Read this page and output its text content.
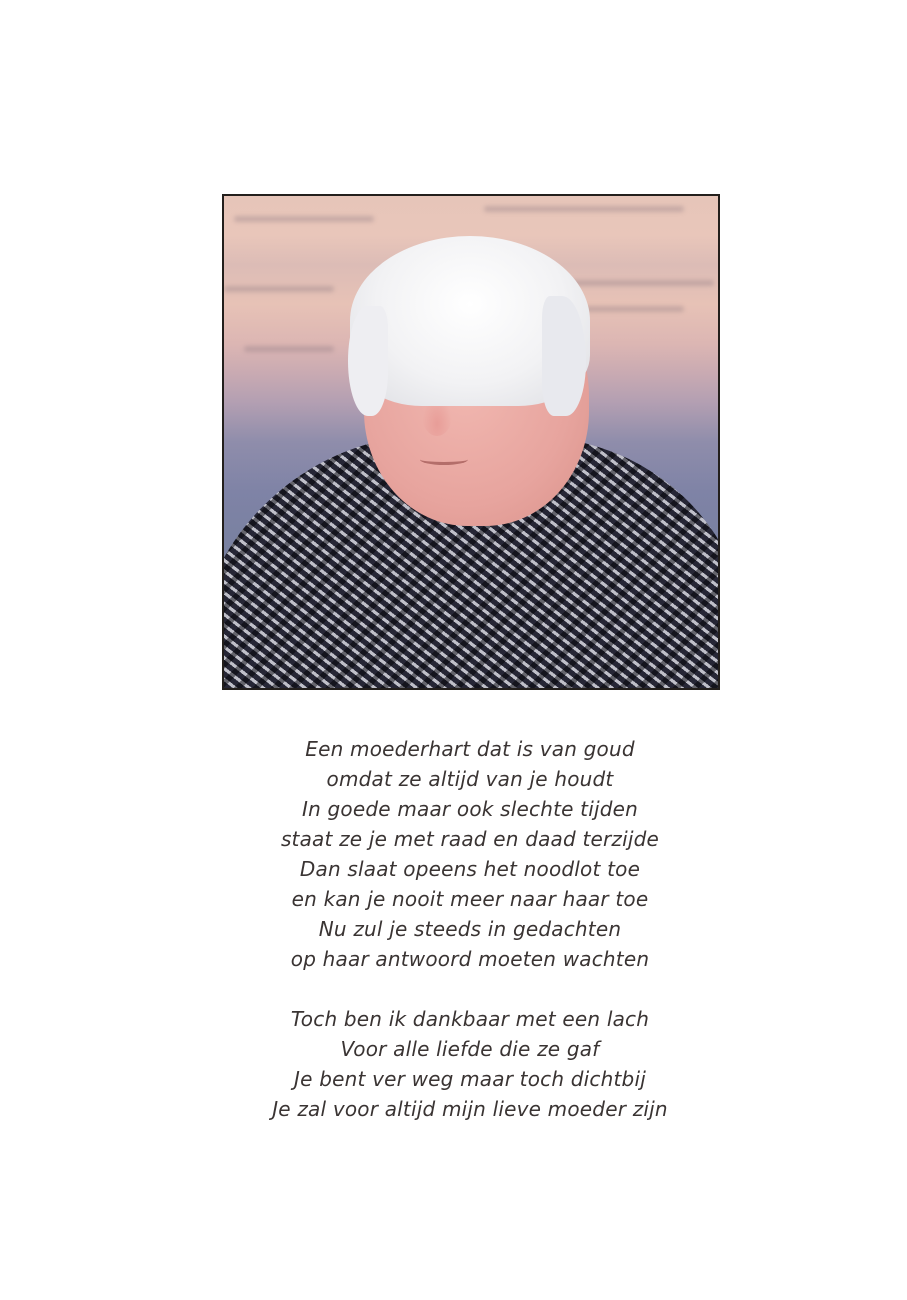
Een moederhart dat is van goud
omdat ze altijd van je houdt
In goede maar ook slechte tijden
staat ze je met raad en daad terzijde
Dan slaat opeens het noodlot toe
en kan je nooit meer naar haar toe
Nu zul je steeds in gedachten
op haar antwoord moeten wachten
Toch ben ik dankbaar met een lach
Voor alle liefde die ze gaf
Je bent ver weg maar toch dichtbij
Je zal voor altijd mijn lieve moeder zijn
